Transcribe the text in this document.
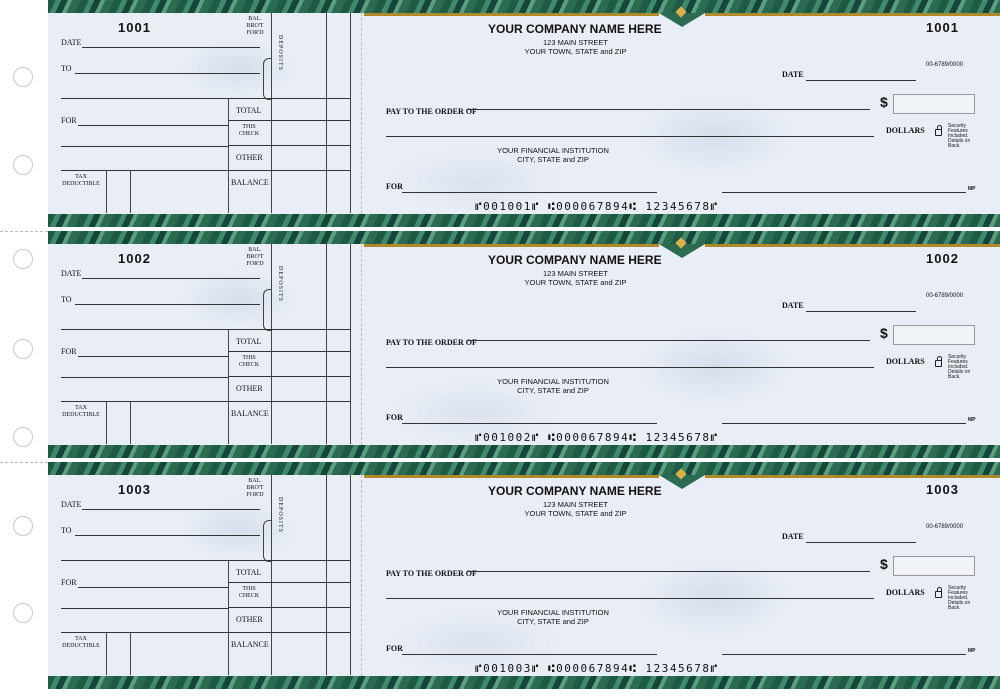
1001
BAL. BRO'T FOR'D
DEPOSITS
DATE
TO
TOTAL
FOR
THIS CHECK
OTHER
TAX DEDUCTIBLE	BALANCE
YOUR COMPANY NAME HERE
123 MAIN STREET
YOUR TOWN, STATE and ZIP
1001
00-6789/0000
DATE
PAY TO THE ORDER OF
$
DOLLARS	Security Features Included. Details on Back.
YOUR FINANCIAL INSTITUTION
CITY, STATE and ZIP
FOR	MP
⑈001001⑈ ⑆000067894⑆ 12345678⑈
1002
BAL. BRO'T FOR'D
DEPOSITS
DATE
TO
TOTAL
FOR
THIS CHECK
OTHER
TAX DEDUCTIBLE	BALANCE
YOUR COMPANY NAME HERE
123 MAIN STREET
YOUR TOWN, STATE and ZIP
1002
00-6789/0000
DATE
PAY TO THE ORDER OF
$
DOLLARS	Security Features Included. Details on Back.
YOUR FINANCIAL INSTITUTION
CITY, STATE and ZIP
FOR	MP
⑈001002⑈ ⑆000067894⑆ 12345678⑈
1003
BAL. BRO'T FOR'D
DEPOSITS
DATE
TO
TOTAL
FOR
THIS CHECK
OTHER
TAX DEDUCTIBLE	BALANCE
YOUR COMPANY NAME HERE
123 MAIN STREET
YOUR TOWN, STATE and ZIP
1003
00-6789/0000
DATE
PAY TO THE ORDER OF
$
DOLLARS	Security Features Included. Details on Back.
YOUR FINANCIAL INSTITUTION
CITY, STATE and ZIP
FOR	MP
⑈001003⑈ ⑆000067894⑆ 12345678⑈
